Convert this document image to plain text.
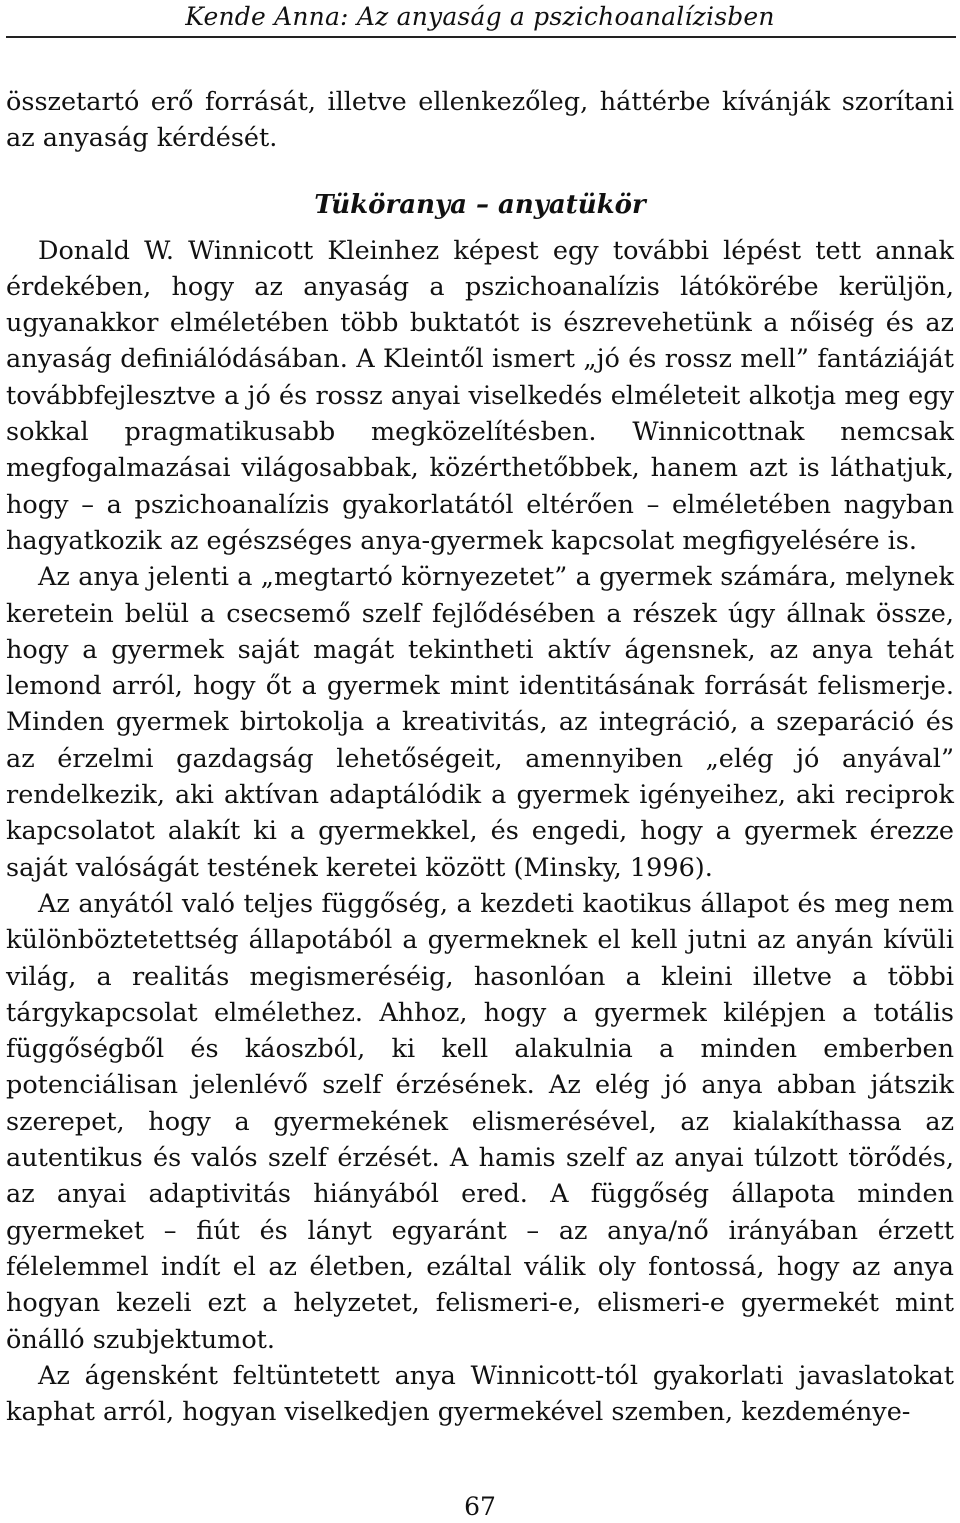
Kende Anna: Az anyaság a pszichoanalízisben

összetartó erő forrását, illetve ellenkezőleg, háttérbe kívánják szorítani az anyaság kérdését.

Tüköranya – anyatükör

Donald W. Winnicott Kleinhez képest egy további lépést tett annak érdekében, hogy az anyaság a pszichoanalízis látókörébe kerüljön, ugyanakkor elméletében több buktatót is észrevehetünk a nőiség és az anyaság definiálódásában. A Kleintől ismert „jó és rossz mell” fantáziáját továbbfejlesztve a jó és rossz anyai viselkedés elméleteit alkotja meg egy sokkal pragmatikusabb megközelítésben. Winnicottnak nemcsak megfogalmazásai világosabbak, közérthetőbbek, hanem azt is láthatjuk, hogy – a pszichoanalízis gyakorlatától eltérően – elméletében nagyban hagyatkozik az egészséges anya-gyermek kapcsolat megfigyelésére is.

Az anya jelenti a „megtartó környezetet” a gyermek számára, melynek keretein belül a csecsemő szelf fejlődésében a részek úgy állnak össze, hogy a gyermek saját magát tekintheti aktív ágensnek, az anya tehát lemond arról, hogy őt a gyermek mint identitásának forrását felismerje. Minden gyermek birtokolja a kreativitás, az integráció, a szeparáció és az érzelmi gazdagság lehetőségeit, amennyiben „elég jó anyával” rendelkezik, aki aktívan adaptálódik a gyermek igényeihez, aki reciprok kapcsolatot alakít ki a gyermekkel, és engedi, hogy a gyermek érezze saját valóságát testének keretei között (Minsky, 1996).

Az anyától való teljes függőség, a kezdeti kaotikus állapot és meg nem különböztetettség állapotából a gyermeknek el kell jutni az anyán kívüli világ, a realitás megismeréséig, hasonlóan a kleini illetve a többi tárgykapcsolat elmélethez. Ahhoz, hogy a gyermek kilépjen a totális függőségből és káoszból, ki kell alakulnia a minden emberben potenciálisan jelenlévő szelf érzésének. Az elég jó anya abban játszik szerepet, hogy a gyermekének elismerésével, az kialakíthassa az autentikus és valós szelf érzését. A hamis szelf az anyai túlzott törődés, az anyai adaptivitás hiányából ered. A függőség állapota minden gyermeket – fiút és lányt egyaránt – az anya/nő irányában érzett félelemmel indít el az életben, ezáltal válik oly fontossá, hogy az anya hogyan kezeli ezt a helyzetet, felismeri-e, elismeri-e gyermekét mint önálló szubjektumot.

Az ágensként feltüntetett anya Winnicott-tól gyakorlati javaslatokat kaphat arról, hogyan viselkedjen gyermekével szemben, kezdeménye-

67
